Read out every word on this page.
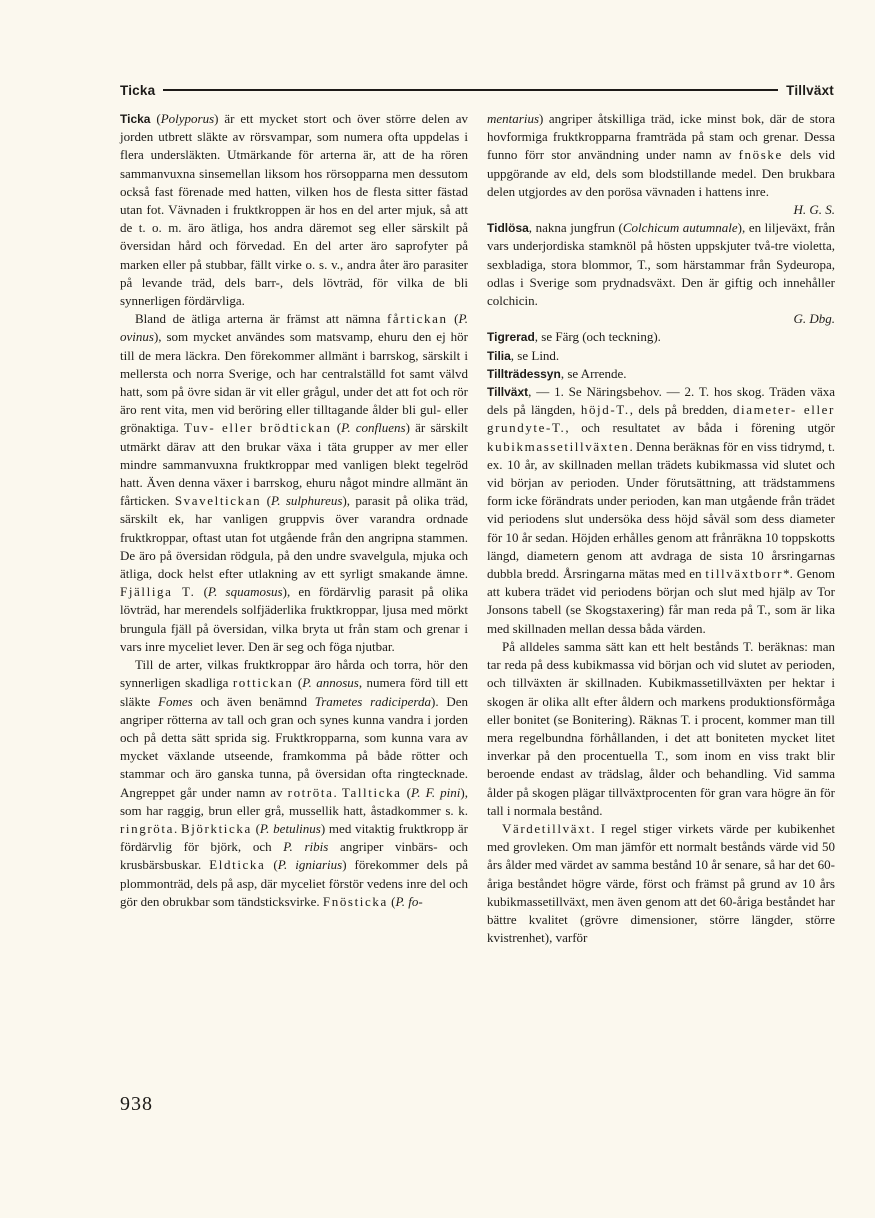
Ticka	Tillväxt

Ticka (Polyporus) är ett mycket stort och över större delen av jorden utbrett släkte av rörsvampar, som numera ofta uppdelas i flera undersläkten. Utmärkande för arterna är, att de ha rören sammanvuxna sinsemellan liksom hos rörsopparna men dessutom också fast förenade med hatten, vilken hos de flesta sitter fästad utan fot. Vävnaden i fruktkroppen är hos en del arter mjuk, så att de t. o. m. äro ätliga, hos andra däremot seg eller särskilt på översidan hård och förvedad. En del arter äro saprofyter på marken eller på stubbar, fällt virke o. s. v., andra åter äro parasiter på levande träd, dels barr-, dels lövträd, för vilka de bli synnerligen fördärvliga.

Bland de ätliga arterna är främst att nämna fårtickan (P. ovinus), som mycket användes som matsvamp, ehuru den ej hör till de mera läckra. Den förekommer allmänt i barrskog, särskilt i mellersta och norra Sverige, och har centralställd fot samt välvd hatt, som på övre sidan är vit eller grågul, under det att fot och rör äro rent vita, men vid beröring eller tilltagande ålder bli gul- eller grönaktiga. Tuv- eller brödtickan (P. confluens) är särskilt utmärkt därav att den brukar växa i täta grupper av mer eller mindre sammanvuxna fruktkroppar med vanligen blekt tegelröd hatt. Även denna växer i barrskog, ehuru något mindre allmänt än fårticken. Svaveltickan (P. sulphureus), parasit på olika träd, särskilt ek, har vanligen gruppvis över varandra ordnade fruktkroppar, oftast utan fot utgående från den angripna stammen. De äro på översidan rödgula, på den undre svavelgula, mjuka och ätliga, dock helst efter utlakning av ett syrligt smakande ämne. Fjälliga T. (P. squamosus), en fördärvlig parasit på olika lövträd, har merendels solfjäderlika fruktkroppar, ljusa med mörkt brungula fjäll på översidan, vilka bryta ut från stam och grenar i vars inre myceliet lever. Den är seg och föga njutbar.

Till de arter, vilkas fruktkroppar äro hårda och torra, hör den synnerligen skadliga rottickan (P. annosus, numera förd till ett släkte Fomes och även benämnd Trametes radiciperda). Den angriper rötterna av tall och gran och synes kunna vandra i jorden och på detta sätt sprida sig. Fruktkropparna, som kunna vara av mycket växlande utseende, framkomma på både rötter och stammar och äro ganska tunna, på översidan ofta ringtecknade. Angreppet går under namn av rotröta. Tallticka (P. F. pini), som har raggig, brun eller grå, mussellik hatt, åstadkommer s. k. ringröta. Björkticka (P. betulinus) med vitaktig fruktkropp är fördärvlig för björk, och P. ribis angriper vinbärs- och krusbärsbuskar. Eldticka (P. igniarius) förekommer dels på plommonträd, dels på asp, där myceliet förstör vedens inre del och gör den obrukbar som tändsticksvirke. Fnösticka (P. fo-

mentarius) angriper åtskilliga träd, icke minst bok, där de stora hovformiga fruktkropparna framträda på stam och grenar. Dessa funno förr stor användning under namn av fnöske dels vid uppgörande av eld, dels som blodstillande medel. Den brukbara delen utgjordes av den porösa vävnaden i hattens inre.
H. G. S.

Tidlösa, nakna jungfrun (Colchicum autumnale), en liljeväxt, från vars underjordiska stamknöl på hösten uppskjuter två-tre violetta, sexbladiga, stora blommor, T., som härstammar från Sydeuropa, odlas i Sverige som prydnadsväxt. Den är giftig och innehåller colchicin.
G. Dbg.

Tigrerad, se Färg (och teckning).

Tilia, se Lind.

Tillträdessyn, se Arrende.

Tillväxt, — 1. Se Näringsbehov. — 2. T. hos skog. Träden växa dels på längden, höjd-T., dels på bredden, diameter- eller grundyte-T., och resultatet av båda i förening utgör kubikmassetillväxten. Denna beräknas för en viss tidrymd, t. ex. 10 år, av skillnaden mellan trädets kubikmassa vid slutet och vid början av perioden. Under förutsättning, att trädstammens form icke förändrats under perioden, kan man utgående från trädet vid periodens slut undersöka dess höjd såväl som dess diameter för 10 år sedan. Höjden erhålles genom att frånräkna 10 toppskotts längd, diametern genom att avdraga de sista 10 årsringarnas dubbla bredd. Årsringarna mätas med en tillväxtborr*. Genom att kubera trädet vid periodens början och slut med hjälp av Tor Jonsons tabell (se Skogstaxering) får man reda på T., som är lika med skillnaden mellan dessa båda värden.

På alldeles samma sätt kan ett helt bestånds T. beräknas: man tar reda på dess kubikmassa vid början och vid slutet av perioden, och tillväxten är skillnaden. Kubikmassetillväxten per hektar i skogen är olika allt efter åldern och markens produktionsförmåga eller bonitet (se Bonitering). Räknas T. i procent, kommer man till mera regelbundna förhållanden, i det att boniteten mycket litet inverkar på den procentuella T., som inom en viss trakt blir beroende endast av trädslag, ålder och behandling. Vid samma ålder på skogen plägar tillväxtprocenten för gran vara högre än för tall i normala bestånd.

Värdetillväxt. I regel stiger virkets värde per kubikenhet med grovleken. Om man jämför ett normalt bestånds värde vid 50 års ålder med värdet av samma bestånd 10 år senare, så har det 60-åriga beståndet högre värde, först och främst på grund av 10 års kubikmassetillväxt, men även genom att det 60-åriga beståndet har bättre kvalitet (grövre dimensioner, större längder, större kvistrenhet), varför

938
